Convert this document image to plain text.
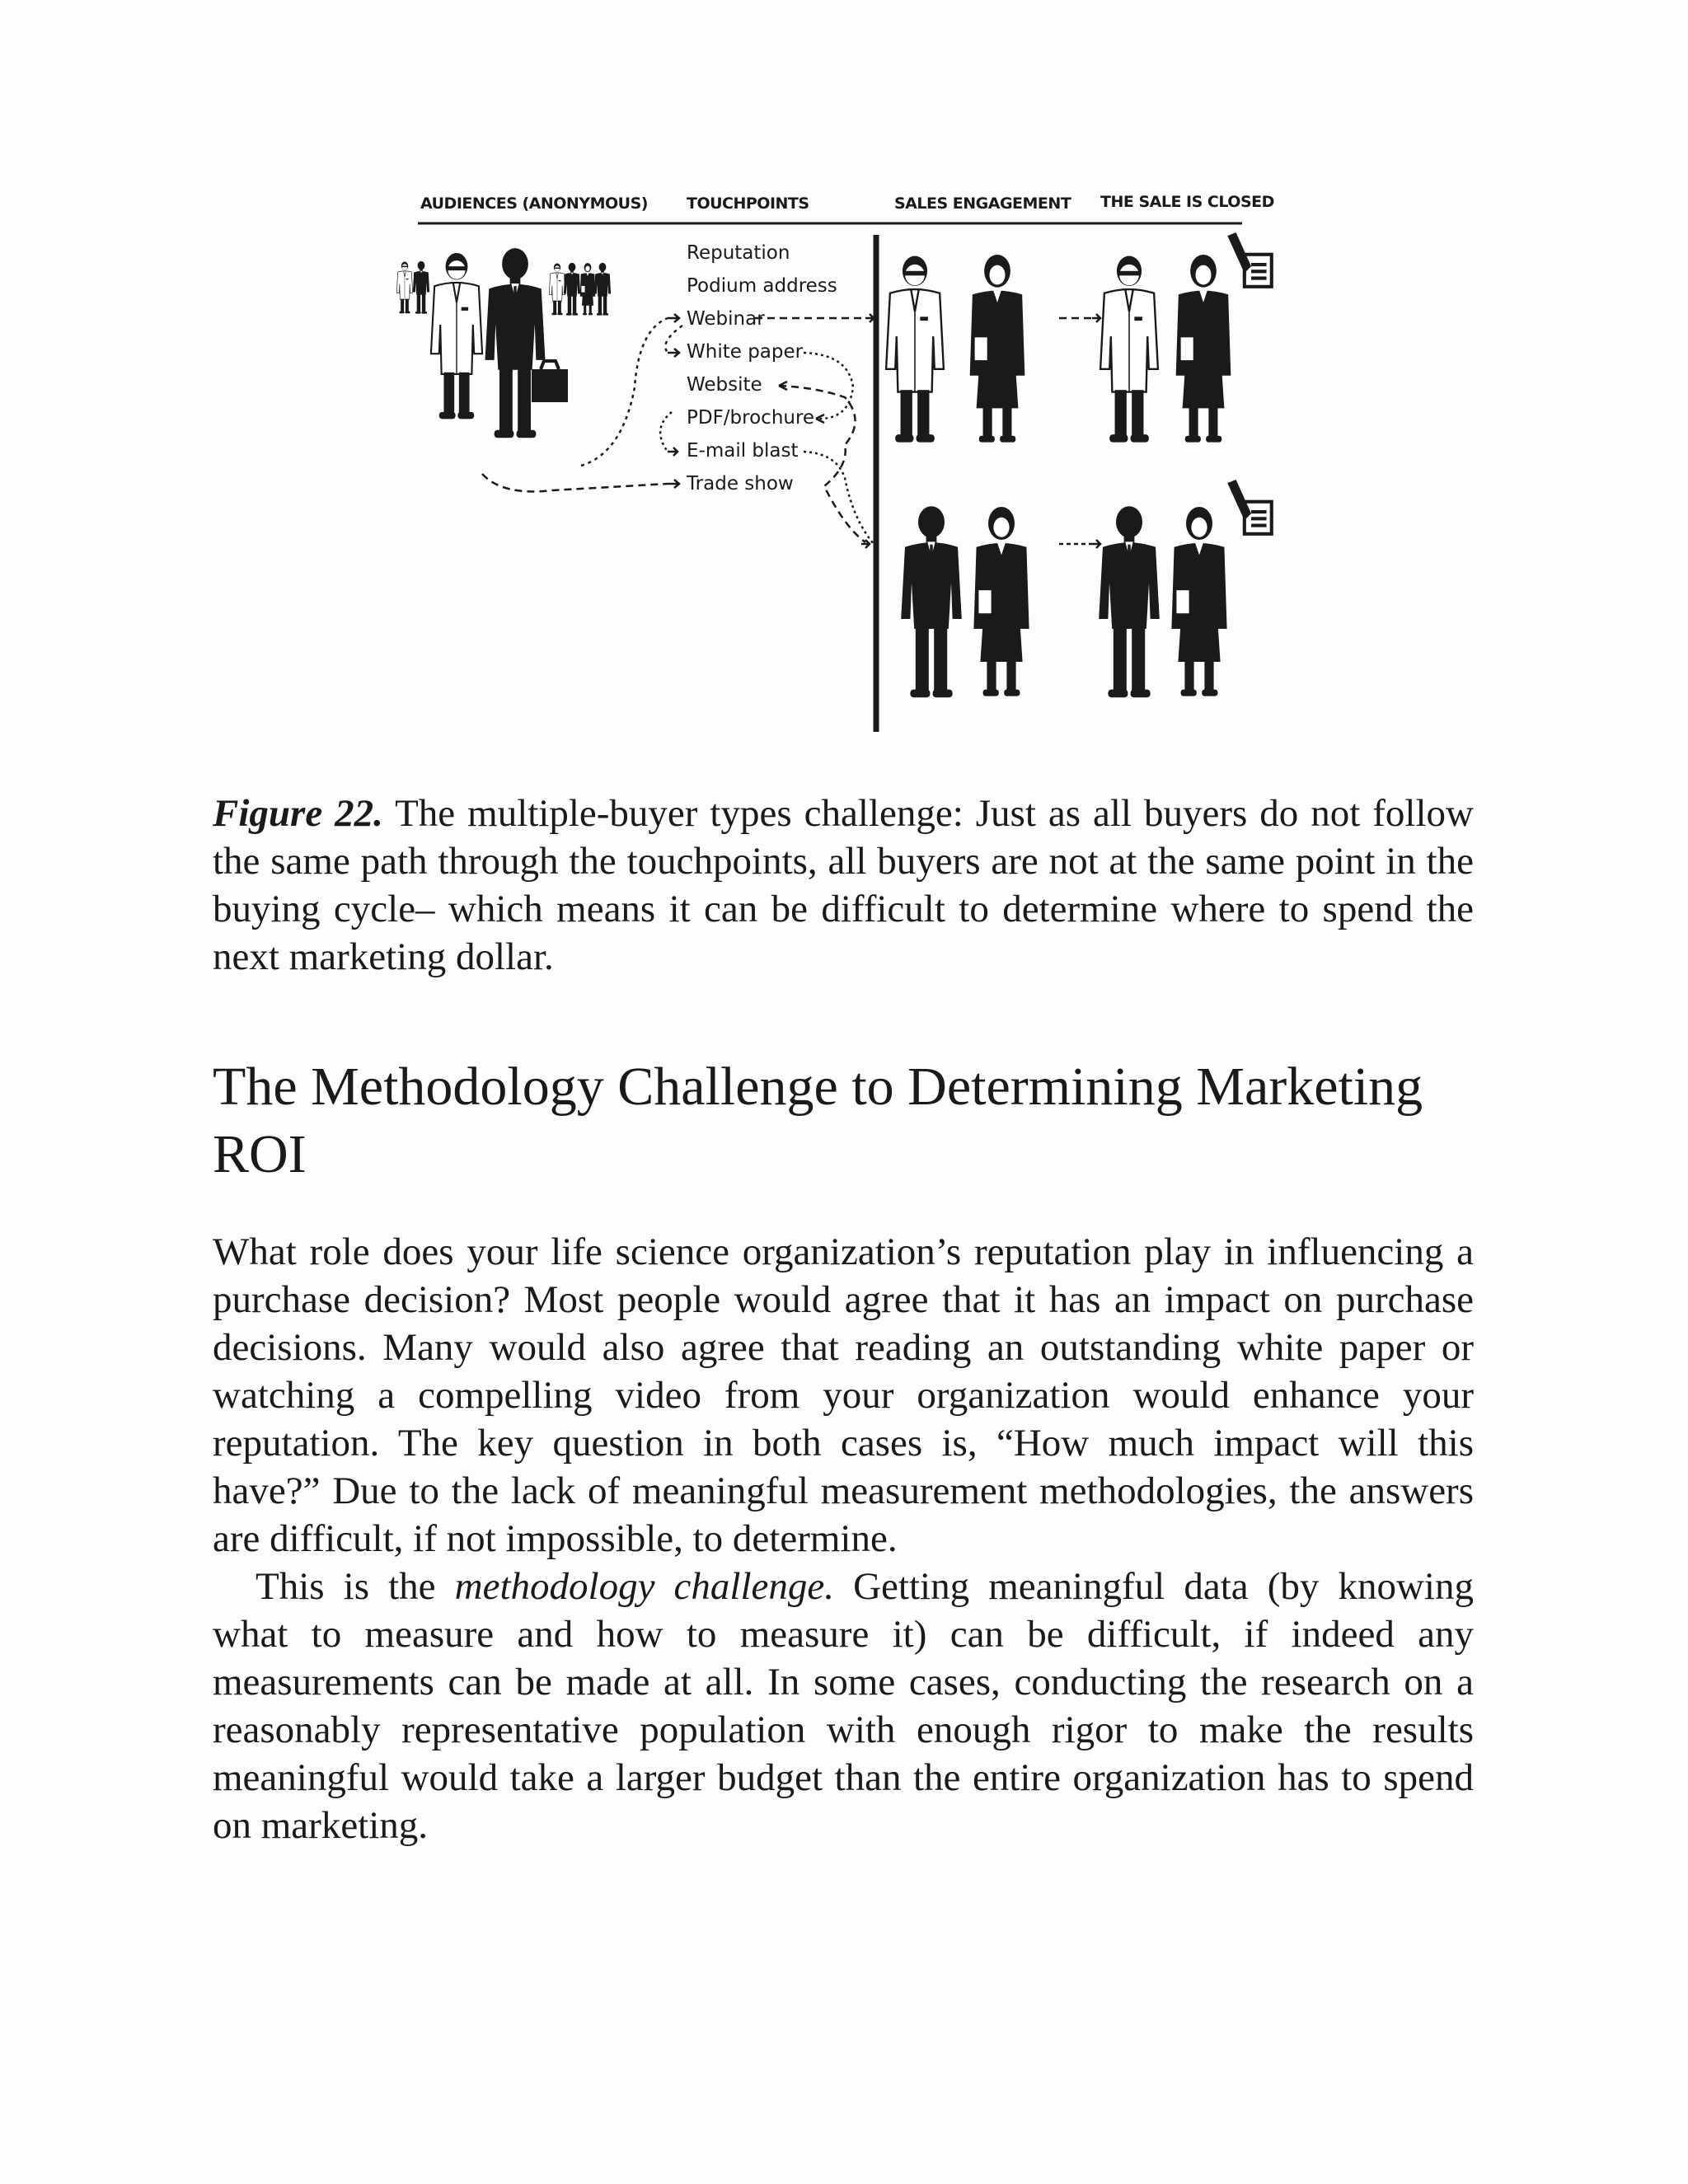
AUDIENCES (ANONYMOUS) TOUCHPOINTS	SALES ENGAGEMENT THE SALE IS CLOSED
Reputation
Podium address
Webinar
White paper
Website
PDF/brochure
E-mail blast
Trade show

Figure 22. The multiple-buyer types challenge: Just as all buyers do not follow the same path through the touchpoints, all buyers are not at the same point in the buying cycle– which means it can be difficult to determine where to spend the next marketing dollar.

The Methodology Challenge to Determining Marketing ROI

What role does your life science organization’s reputation play in influencing a purchase decision? Most people would agree that it has an impact on purchase decisions. Many would also agree that reading an outstanding white paper or watching a compelling video from your organization would enhance your reputation. The key question in both cases is, “How much impact will this have?” Due to the lack of meaningful measurement methodologies, the answers are difficult, if not impossible, to determine.

This is the methodology challenge. Getting meaningful data (by knowing what to measure and how to measure it) can be difficult, if indeed any measurements can be made at all. In some cases, conducting the research on a reasonably representative population with enough rigor to make the results meaningful would take a larger budget than the entire organization has to spend on marketing.
